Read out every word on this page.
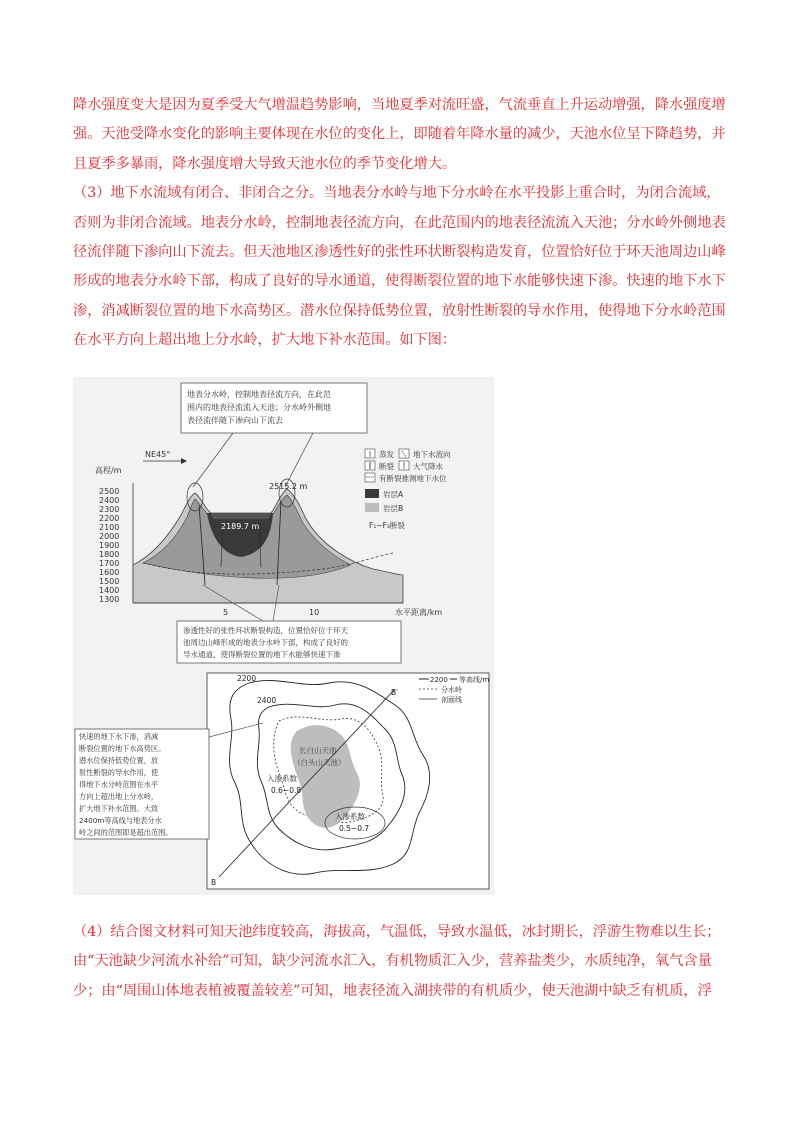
降水强度变大是因为夏季受大气增温趋势影响，当地夏季对流旺盛，气流垂直上升运动增强，降水强度增

强。天池受降水变化的影响主要体现在水位的变化上，即随着年降水量的减少，天池水位呈下降趋势，并

且夏季多暴雨，降水强度增大导致天池水位的季节变化增大。

（3）地下水流域有闭合、非闭合之分。当地表分水岭与地下分水岭在水平投影上重合时，为闭合流域，

否则为非闭合流域。地表分水岭，控制地表径流方向，在此范围内的地表径流流入天池；分水岭外侧地表

径流伴随下渗向山下流去。但天池地区渗透性好的张性环状断裂构造发育，位置恰好位于环天池周边山峰

形成的地表分水岭下部，构成了良好的导水通道，使得断裂位置的地下水能够快速下渗。快速的地下水下

渗，消减断裂位置的地下水高势区。潜水位保持低势位置，放射性断裂的导水作用，使得地下分水岭范围

在水平方向上超出地上分水岭，扩大地下补水范围。如下图：

地表分水岭，控制地表径流方向，在此范
围内的地表径流流入天池；分水岭外侧地
表径流伴随下渗向山下流去
NE45°
高程/m
2500
2400
2300
2200
2100
2000
1900
1800
1700
1600
1500
1400
1300
2515.2 m
2189.7 m
5	10	水平距离/km
蒸发	地下水流向
断裂	大气降水
有断裂推测地下水位
岩层A
岩层B
F₁~F₃断裂
渗透性好的张性环状断裂构造，位置恰好位于环天
池周边山峰形成的地表分水岭下部，构成了良好的
导水通道，使得断裂位置的地下水能够快速下渗
2200
2400
B′
B
长白山天池
（白头山天池）
入渗系数
0.6~0.8
入渗系数
0.5~0.7
2200 等高线/m
分水岭
剖面线
快速的地下水下渗，消减
断裂位置的地下水高势区。
潜水位保持低势位置，放
射性断裂的导水作用，使
得地下水分岭范围在水平
方向上超出地上分水岭，
扩大地下补水范围。大致
2400m等高线与地表分水
岭之间的范围即是超出范围。

（4）结合图文材料可知天池纬度较高，海拔高，气温低，导致水温低，冰封期长，浮游生物难以生长；

由“天池缺少河流水补给”可知，缺少河流水汇入，有机物质汇入少，营养盐类少，水质纯净，氧气含量

少；由“周围山体地表植被覆盖较差”可知，地表径流入湖挟带的有机质少，使天池湖中缺乏有机质，浮
